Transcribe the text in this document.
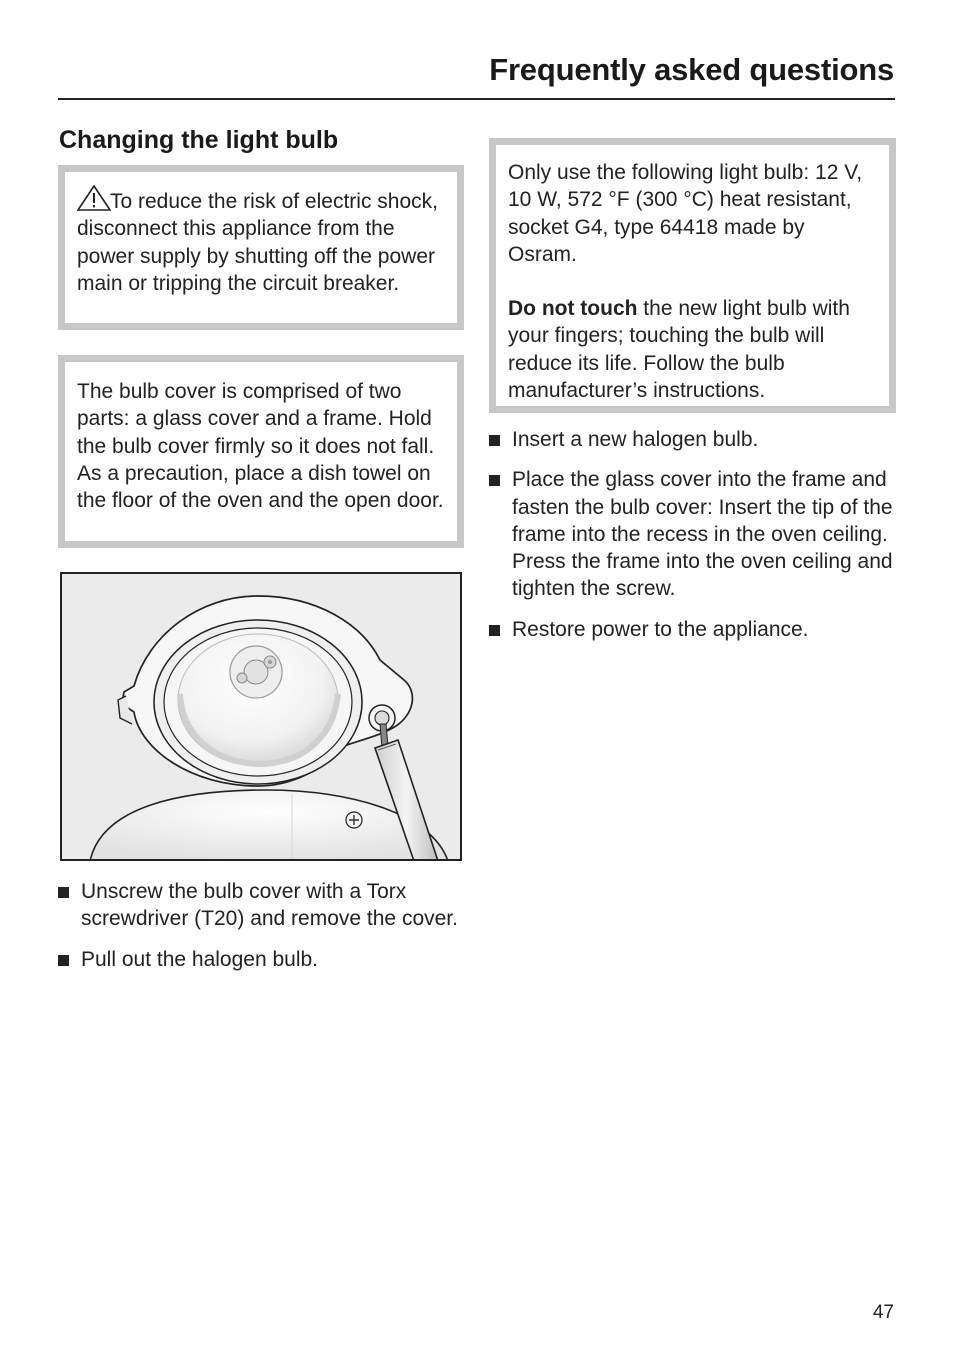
Frequently asked questions
Changing the light bulb

To reduce the risk of electric shock, disconnect this appliance from the power supply by shutting off the power main or tripping the circuit breaker.

The bulb cover is comprised of two parts: a glass cover and a frame. Hold the bulb cover firmly so it does not fall. As a precaution, place a dish towel on the floor of the oven and the open door.

Unscrew the bulb cover with a Torx screwdriver (T20) and remove the cover.
Pull out the halogen bulb.

Only use the following light bulb: 12 V, 10 W, 572 °F (300 °C) heat resistant, socket G4, type 64418 made by Osram.

Do not touch the new light bulb with your fingers; touching the bulb will reduce its life. Follow the bulb manufacturer’s instructions.

Insert a new halogen bulb.
Place the glass cover into the frame and fasten the bulb cover: Insert the tip of the frame into the recess in the oven ceiling. Press the frame into the oven ceiling and tighten the screw.
Restore power to the appliance.
47
